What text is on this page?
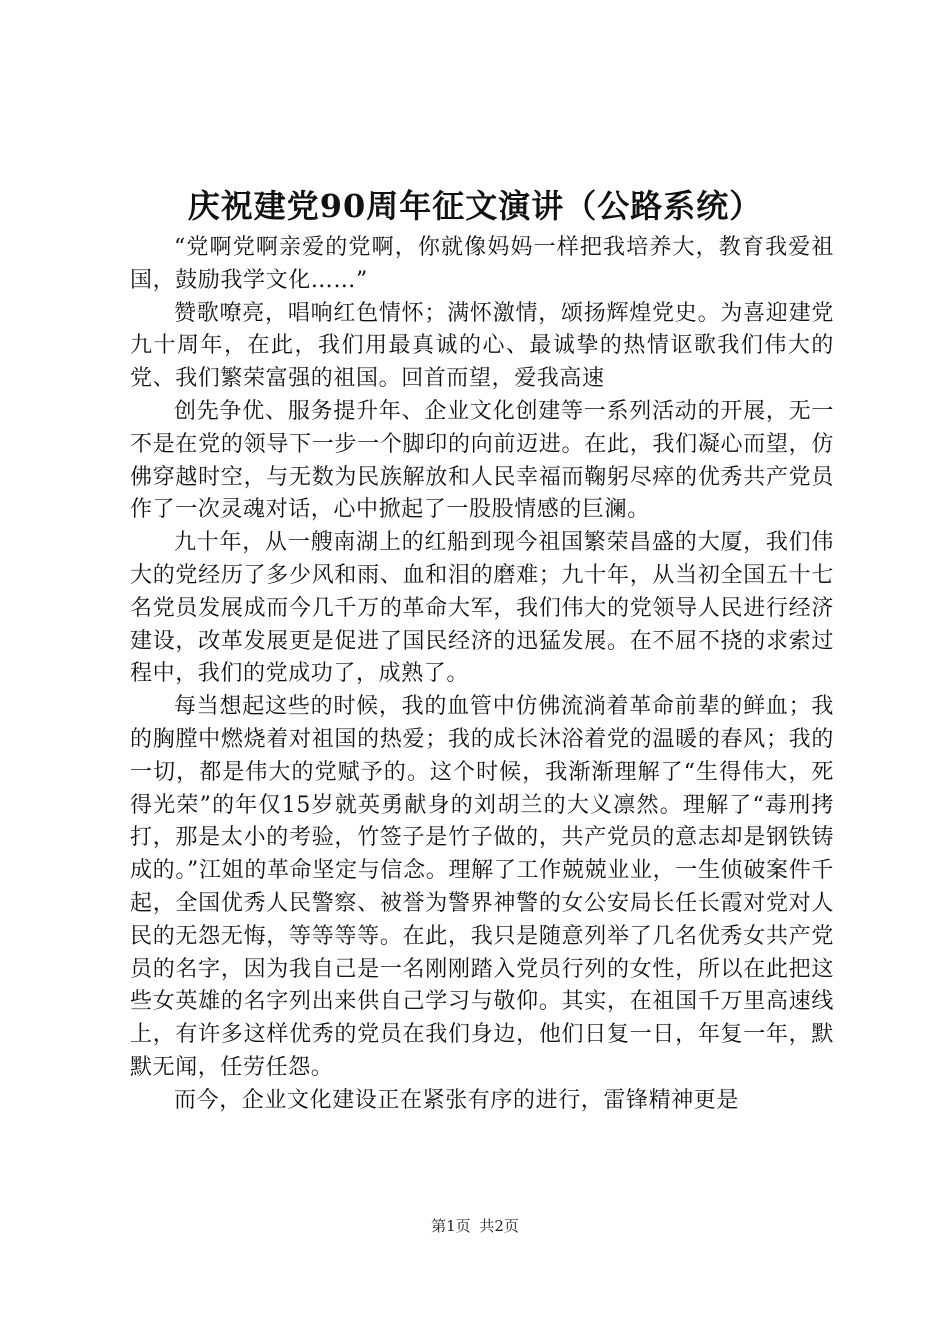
庆祝建党90周年征文演讲（公路系统）

“党啊党啊亲爱的党啊，你就像妈妈一样把我培养大，教育我爱祖国，鼓励我学文化……”

赞歌嘹亮，唱响红色情怀；满怀激情，颂扬辉煌党史。为喜迎建党九十周年，在此，我们用最真诚的心、最诚挚的热情讴歌我们伟大的党、我们繁荣富强的祖国。回首而望，爱我高速

创先争优、服务提升年、企业文化创建等一系列活动的开展，无一不是在党的领导下一步一个脚印的向前迈进。在此，我们凝心而望，仿佛穿越时空，与无数为民族解放和人民幸福而鞠躬尽瘁的优秀共产党员作了一次灵魂对话，心中掀起了一股股情感的巨澜。

九十年，从一艘南湖上的红船到现今祖国繁荣昌盛的大厦，我们伟大的党经历了多少风和雨、血和泪的磨难；九十年，从当初全国五十七名党员发展成而今几千万的革命大军，我们伟大的党领导人民进行经济建设，改革发展更是促进了国民经济的迅猛发展。在不屈不挠的求索过程中，我们的党成功了，成熟了。

每当想起这些的时候，我的血管中仿佛流淌着革命前辈的鲜血；我的胸膛中燃烧着对祖国的热爱；我的成长沐浴着党的温暖的春风；我的一切，都是伟大的党赋予的。这个时候，我渐渐理解了“生得伟大，死得光荣”的年仅15岁就英勇献身的刘胡兰的大义凛然。理解了“毒刑拷打，那是太小的考验，竹签子是竹子做的，共产党员的意志却是钢铁铸成的。”江姐的革命坚定与信念。理解了工作兢兢业业，一生侦破案件千起，全国优秀人民警察、被誉为警界神警的女公安局长任长霞对党对人民的无怨无悔，等等等等。在此，我只是随意列举了几名优秀女共产党员的名字，因为我自己是一名刚刚踏入党员行列的女性，所以在此把这些女英雄的名字列出来供自己学习与敬仰。其实，在祖国千万里高速线上，有许多这样优秀的党员在我们身边，他们日复一日，年复一年，默默无闻，任劳任怨。

而今，企业文化建设正在紧张有序的进行，雷锋精神更是

第1页 共2页
